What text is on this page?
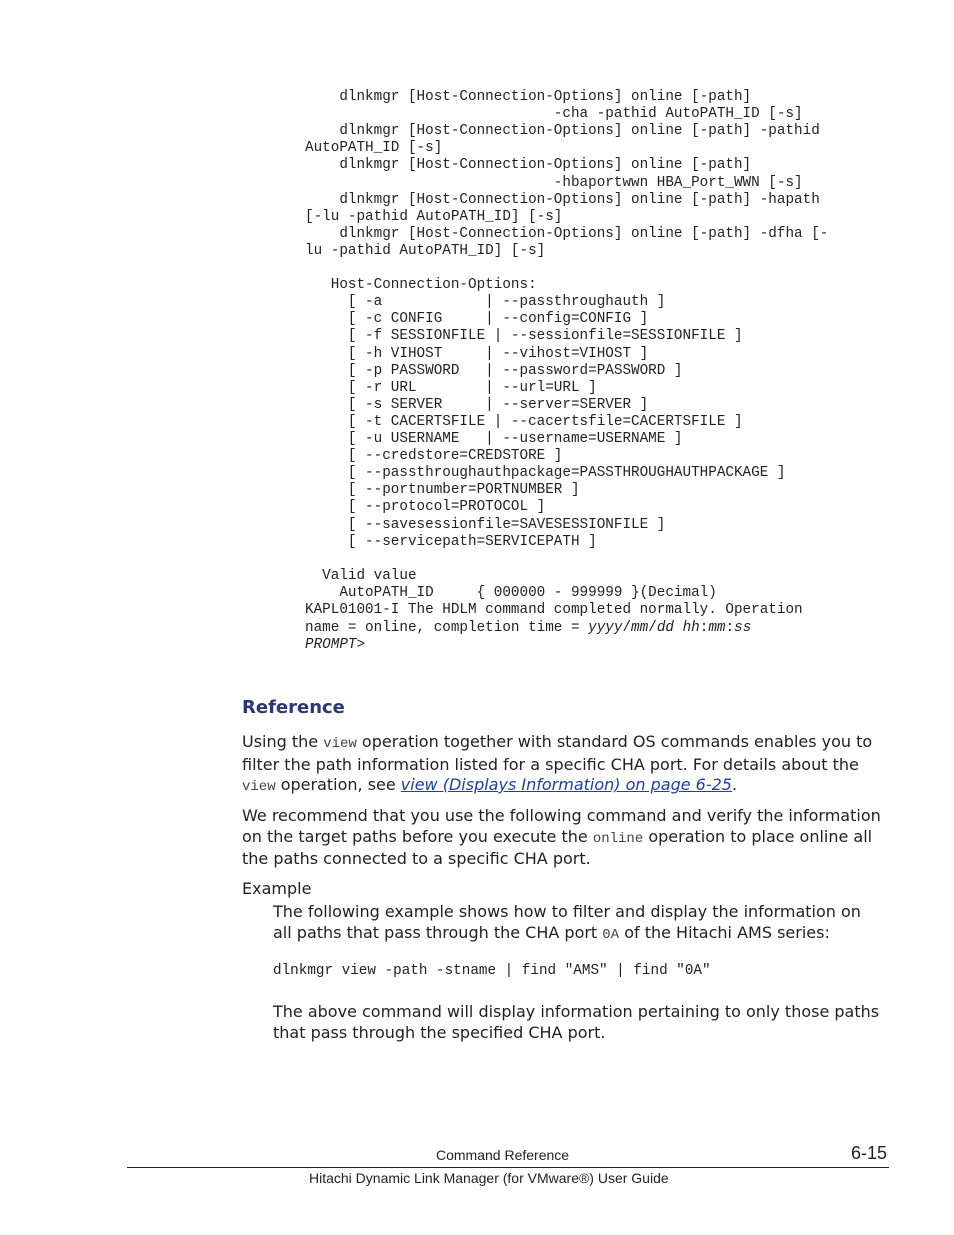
dlnkmgr [Host-Connection-Options] online [-path]
-cha -pathid AutoPATH_ID [-s]
dlnkmgr [Host-Connection-Options] online [-path] -pathid
AutoPATH_ID [-s]
dlnkmgr [Host-Connection-Options] online [-path]
-hbaportwwn HBA_Port_WWN [-s]
dlnkmgr [Host-Connection-Options] online [-path] -hapath
[-lu -pathid AutoPATH_ID] [-s]
dlnkmgr [Host-Connection-Options] online [-path] -dfha [-
lu -pathid AutoPATH_ID] [-s]
Host-Connection-Options:
[ -a            | --passthroughauth ]
[ -c CONFIG     | --config=CONFIG ]
[ -f SESSIONFILE | --sessionfile=SESSIONFILE ]
[ -h VIHOST     | --vihost=VIHOST ]
[ -p PASSWORD   | --password=PASSWORD ]
[ -r URL        | --url=URL ]
[ -s SERVER     | --server=SERVER ]
[ -t CACERTSFILE | --cacertsfile=CACERTSFILE ]
[ -u USERNAME   | --username=USERNAME ]
[ --credstore=CREDSTORE ]
[ --passthroughauthpackage=PASSTHROUGHAUTHPACKAGE ]
[ --portnumber=PORTNUMBER ]
[ --protocol=PROTOCOL ]
[ --savesessionfile=SAVESESSIONFILE ]
[ --servicepath=SERVICEPATH ]
Valid value
AutoPATH_ID     { 000000 - 999999 }(Decimal)
KAPL01001-I The HDLM command completed normally. Operation
name = online, completion time = yyyy/mm/dd hh:mm:ss
PROMPT>
Reference

Using the view operation together with standard OS commands enables you to filter the path information listed for a specific CHA port. For details about the view operation, see view (Displays Information) on page 6-25.

We recommend that you use the following command and verify the information on the target paths before you execute the online operation to place online all the paths connected to a specific CHA port.

Example

The following example shows how to filter and display the information on all paths that pass through the CHA port 0A of the Hitachi AMS series:

dlnkmgr view -path -stname | find "AMS" | find "0A"

The above command will display information pertaining to only those paths that pass through the specified CHA port.

Command Reference	6-15
Hitachi Dynamic Link Manager (for VMware®) User Guide
